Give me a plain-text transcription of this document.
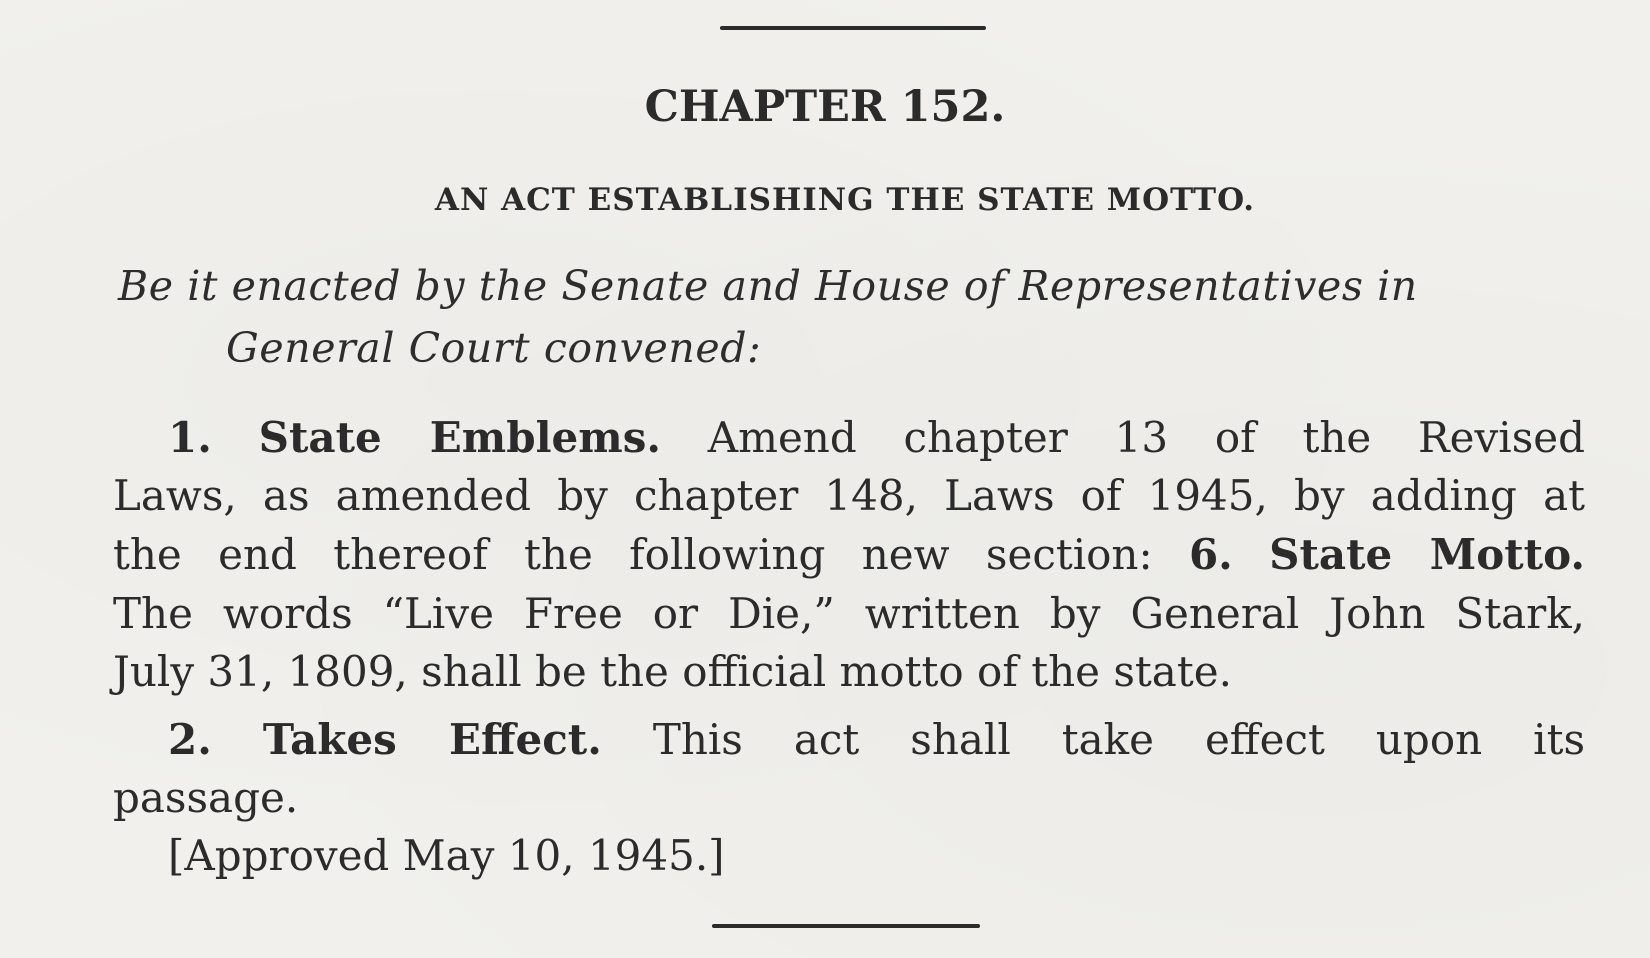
CHAPTER 152.
AN ACT ESTABLISHING THE STATE MOTTO.
Be it enacted by the Senate and House of Representatives in
General Court convened:
1. State Emblems. Amend chapter 13 of the Revised
Laws, as amended by chapter 148, Laws of 1945, by adding at
the end thereof the following new section: 6. State Motto.
The words “Live Free or Die,” written by General John Stark,
July 31, 1809, shall be the official motto of the state.
2. Takes Effect. This act shall take effect upon its
passage.
[Approved May 10, 1945.]
